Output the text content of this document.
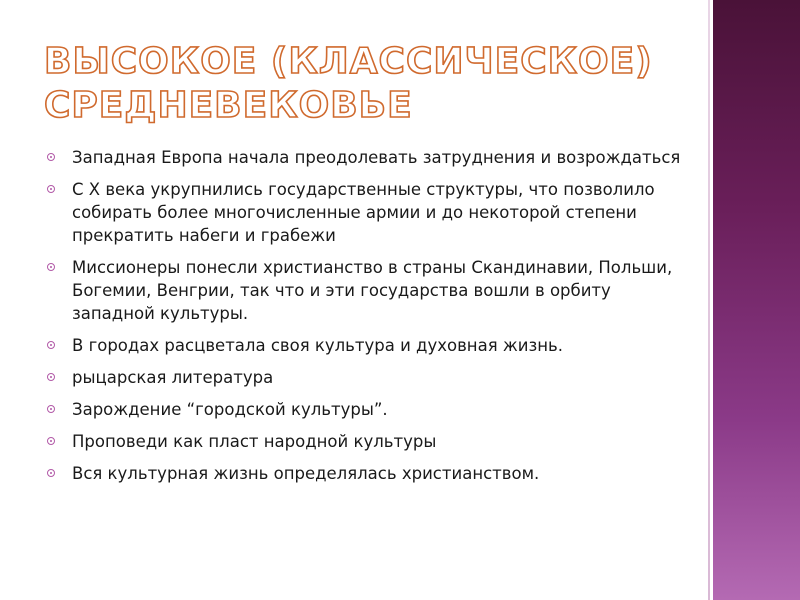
ВЫСОКОЕ (КЛАССИЧЕСКОЕ)
СРЕДНЕВЕКОВЬЕ
Западная Европа начала преодолевать затруднения и возрождаться
С X века укрупнились государственные структуры, что позволило собирать более многочисленные армии и до некоторой степени прекратить набеги и грабежи
Миссионеры понесли христианство в страны Скандинавии, Польши, Богемии, Венгрии, так что и эти государства вошли в орбиту западной культуры.
В городах расцветала своя культура и духовная жизнь.
рыцарская литература
Зарождение “городской культуры”.
Проповеди как пласт народной культуры
Вся культурная жизнь определялась христианством.
